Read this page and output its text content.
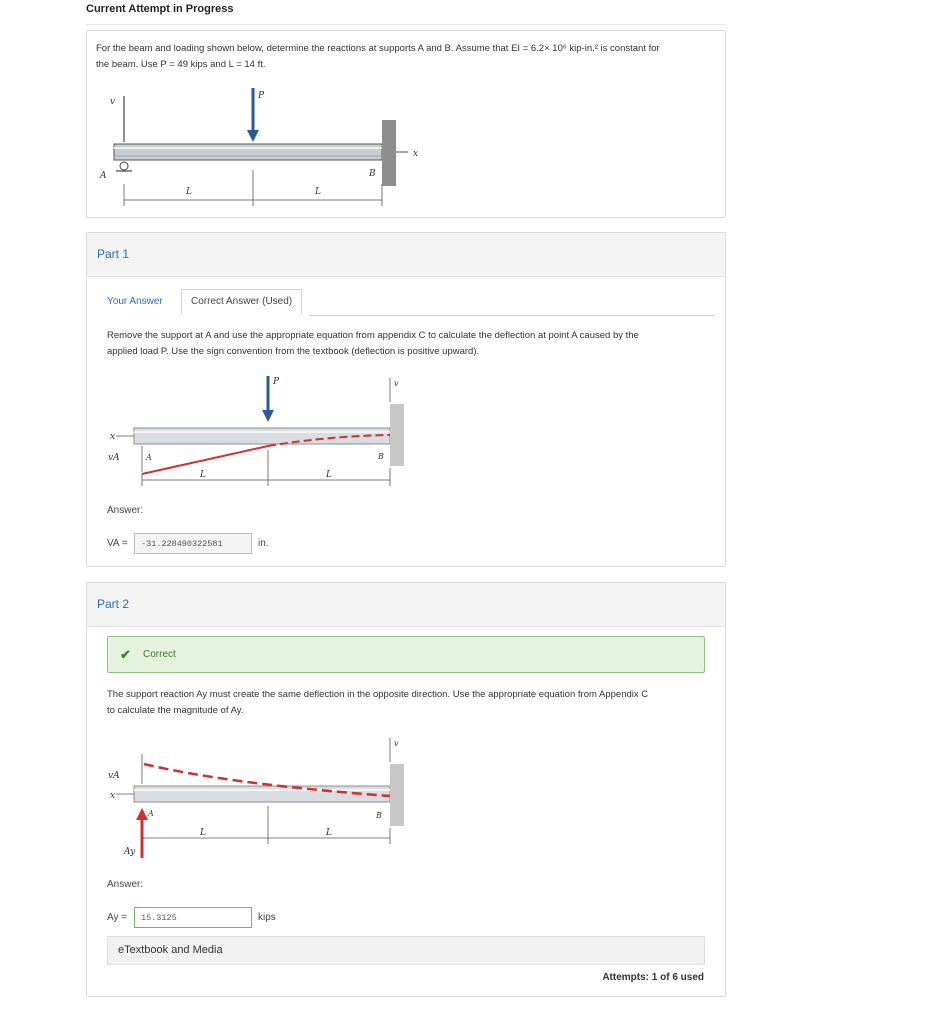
Current Attempt in Progress
For the beam and loading shown below, determine the reactions at supports A and B. Assume that EI = 6.2× 10⁶ kip-in.² is constant for
the beam. Use P = 49 kips and L = 14 ft.
v
x
A	B
P
L	L
Part 1
Your Answer	Correct Answer (Used)
Remove the support at A and use the appropriate equation from appendix C to calculate the deflection at point A caused by the
applied load P. Use the sign convention from the textbook (deflection is positive upward).
v
x
vA	A
P
B
L	L
Answer:
VA =	-31.228490322581	in.
Part 2
✔ Correct
The support reaction Ay must create the same deflection in the opposite direction. Use the appropriate equation from Appendix C
to calculate the magnitude of Ay.
v
x
vA
A
Ay
B
L	L
Answer:
Ay =	15.3125	kips
eTextbook and Media
Attempts: 1 of 6 used
